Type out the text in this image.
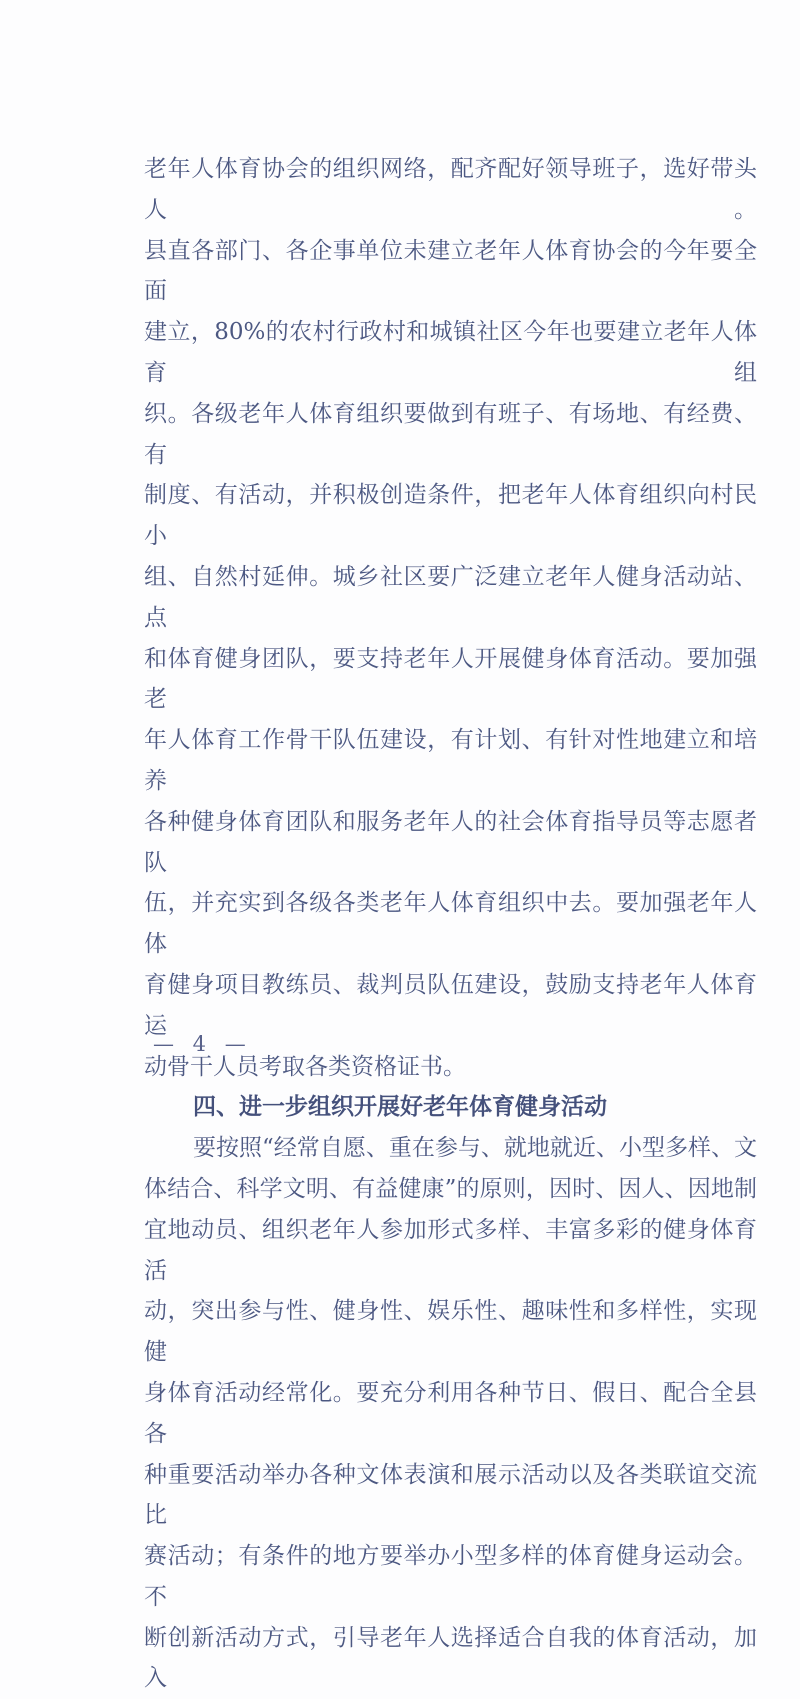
老年人体育协会的组织网络，配齐配好领导班子，选好带头人。
县直各部门、各企事单位未建立老年人体育协会的今年要全面
建立，80%的农村行政村和城镇社区今年也要建立老年人体育组
织。各级老年人体育组织要做到有班子、有场地、有经费、有
制度、有活动，并积极创造条件，把老年人体育组织向村民小
组、自然村延伸。城乡社区要广泛建立老年人健身活动站、点
和体育健身团队，要支持老年人开展健身体育活动。要加强老
年人体育工作骨干队伍建设，有计划、有针对性地建立和培养
各种健身体育团队和服务老年人的社会体育指导员等志愿者队
伍，并充实到各级各类老年人体育组织中去。要加强老年人体
育健身项目教练员、裁判员队伍建设，鼓励支持老年人体育运
动骨干人员考取各类资格证书。
四、进一步组织开展好老年体育健身活动
要按照“经常自愿、重在参与、就地就近、小型多样、文
体结合、科学文明、有益健康”的原则，因时、因人、因地制
宜地动员、组织老年人参加形式多样、丰富多彩的健身体育活
动，突出参与性、健身性、娱乐性、趣味性和多样性，实现健
身体育活动经常化。要充分利用各种节日、假日、配合全县各
种重要活动举办各种文体表演和展示活动以及各类联谊交流比
赛活动；有条件的地方要举办小型多样的体育健身运动会。不
断创新活动方式，引导老年人选择适合自我的体育活动，加入
— 4 —
